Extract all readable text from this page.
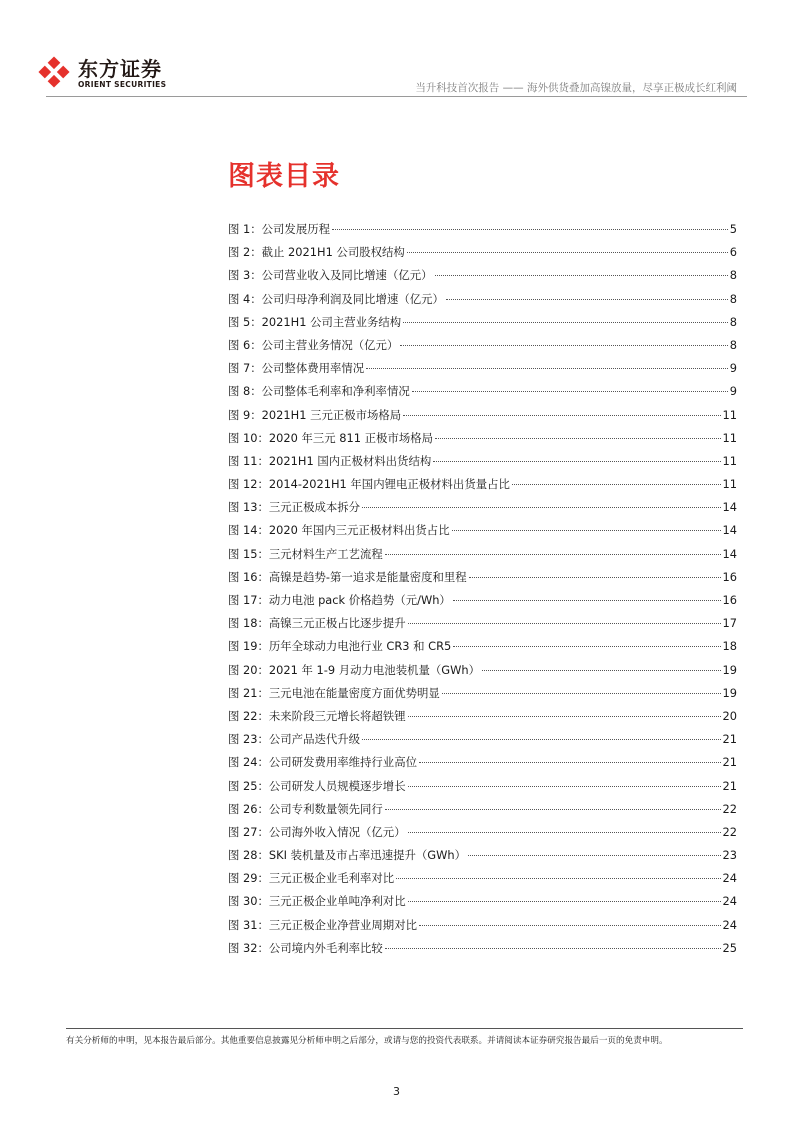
东方证券
ORIENT SECURITIES	当升科技首次报告 —— 海外供货叠加高镍放量，尽享正极成长红利阈
图表目录
图 1：公司发展历程	5
图 2：截止 2021H1 公司股权结构	6
图 3：公司营业收入及同比增速（亿元）	8
图 4：公司归母净利润及同比增速（亿元）	8
图 5：2021H1 公司主营业务结构	8
图 6：公司主营业务情况（亿元）	8
图 7：公司整体费用率情况	9
图 8：公司整体毛利率和净利率情况	9
图 9：2021H1 三元正极市场格局	11
图 10：2020 年三元 811 正极市场格局	11
图 11：2021H1 国内正极材料出货结构	11
图 12：2014-2021H1 年国内锂电正极材料出货量占比	11
图 13：三元正极成本拆分	14
图 14：2020 年国内三元正极材料出货占比	14
图 15：三元材料生产工艺流程	14
图 16：高镍是趋势-第一追求是能量密度和里程	16
图 17：动力电池 pack 价格趋势（元/Wh）	16
图 18：高镍三元正极占比逐步提升	17
图 19：历年全球动力电池行业 CR3 和 CR5	18
图 20：2021 年 1-9 月动力电池装机量（GWh）	19
图 21：三元电池在能量密度方面优势明显	19
图 22：未来阶段三元增长将超铁锂	20
图 23：公司产品迭代升级	21
图 24：公司研发费用率维持行业高位	21
图 25：公司研发人员规模逐步增长	21
图 26：公司专利数量领先同行	22
图 27：公司海外收入情况（亿元）	22
图 28：SKI 装机量及市占率迅速提升（GWh）	23
图 29：三元正极企业毛利率对比	24
图 30：三元正极企业单吨净利对比	24
图 31：三元正极企业净营业周期对比	24
图 32：公司境内外毛利率比较	25
有关分析师的申明，见本报告最后部分。其他重要信息披露见分析师申明之后部分，或请与您的投资代表联系。并请阅读本证券研究报告最后一页的免责申明。
3
